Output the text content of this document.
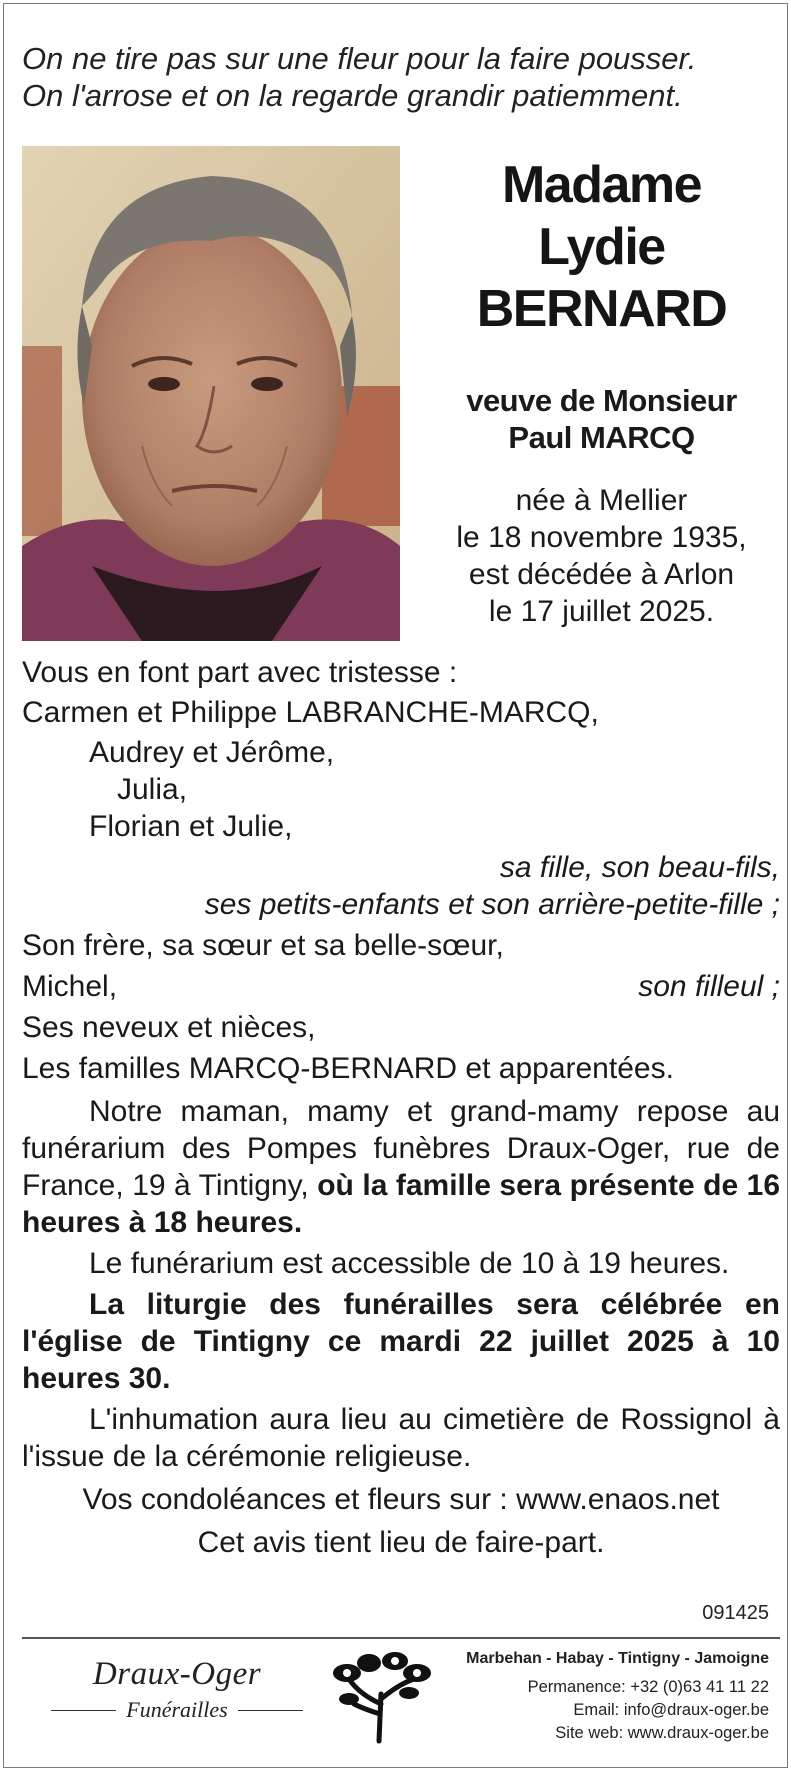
On ne tire pas sur une fleur pour la faire pousser.
On l'arrose et on la regarde grandir patiemment.
Madame
Lydie
BERNARD
veuve de Monsieur
Paul MARCQ
née à Mellier
le 18 novembre 1935,
est décédée à Arlon
le 17 juillet 2025.
Vous en font part avec tristesse :
Carmen et Philippe LABRANCHE-MARCQ,
Audrey et Jérôme,
Julia,
Florian et Julie,
sa fille, son beau-fils,
ses petits-enfants et son arrière-petite-fille ;
Son frère, sa sœur et sa belle-sœur,
Michel,	son filleul ;
Ses neveux et nièces,
Les familles MARCQ-BERNARD et apparentées.
Notre maman, mamy et grand-mamy repose au funérarium des Pompes funèbres Draux-Oger, rue de France, 19 à Tintigny, où la famille sera présente de 16 heures à 18 heures.
Le funérarium est accessible de 10 à 19 heures.
La liturgie des funérailles sera célébrée en l'église de Tintigny ce mardi 22 juillet 2025 à 10 heures 30.
L'inhumation aura lieu au cimetière de Rossignol à l'issue de la cérémonie religieuse.
Vos condoléances et fleurs sur : www.enaos.net
Cet avis tient lieu de faire-part.
091425
Draux-Oger
Funérailles
Marbehan - Habay - Tintigny - Jamoigne
Permanence: +32 (0)63 41 11 22
Email: info@draux-oger.be
Site web: www.draux-oger.be
